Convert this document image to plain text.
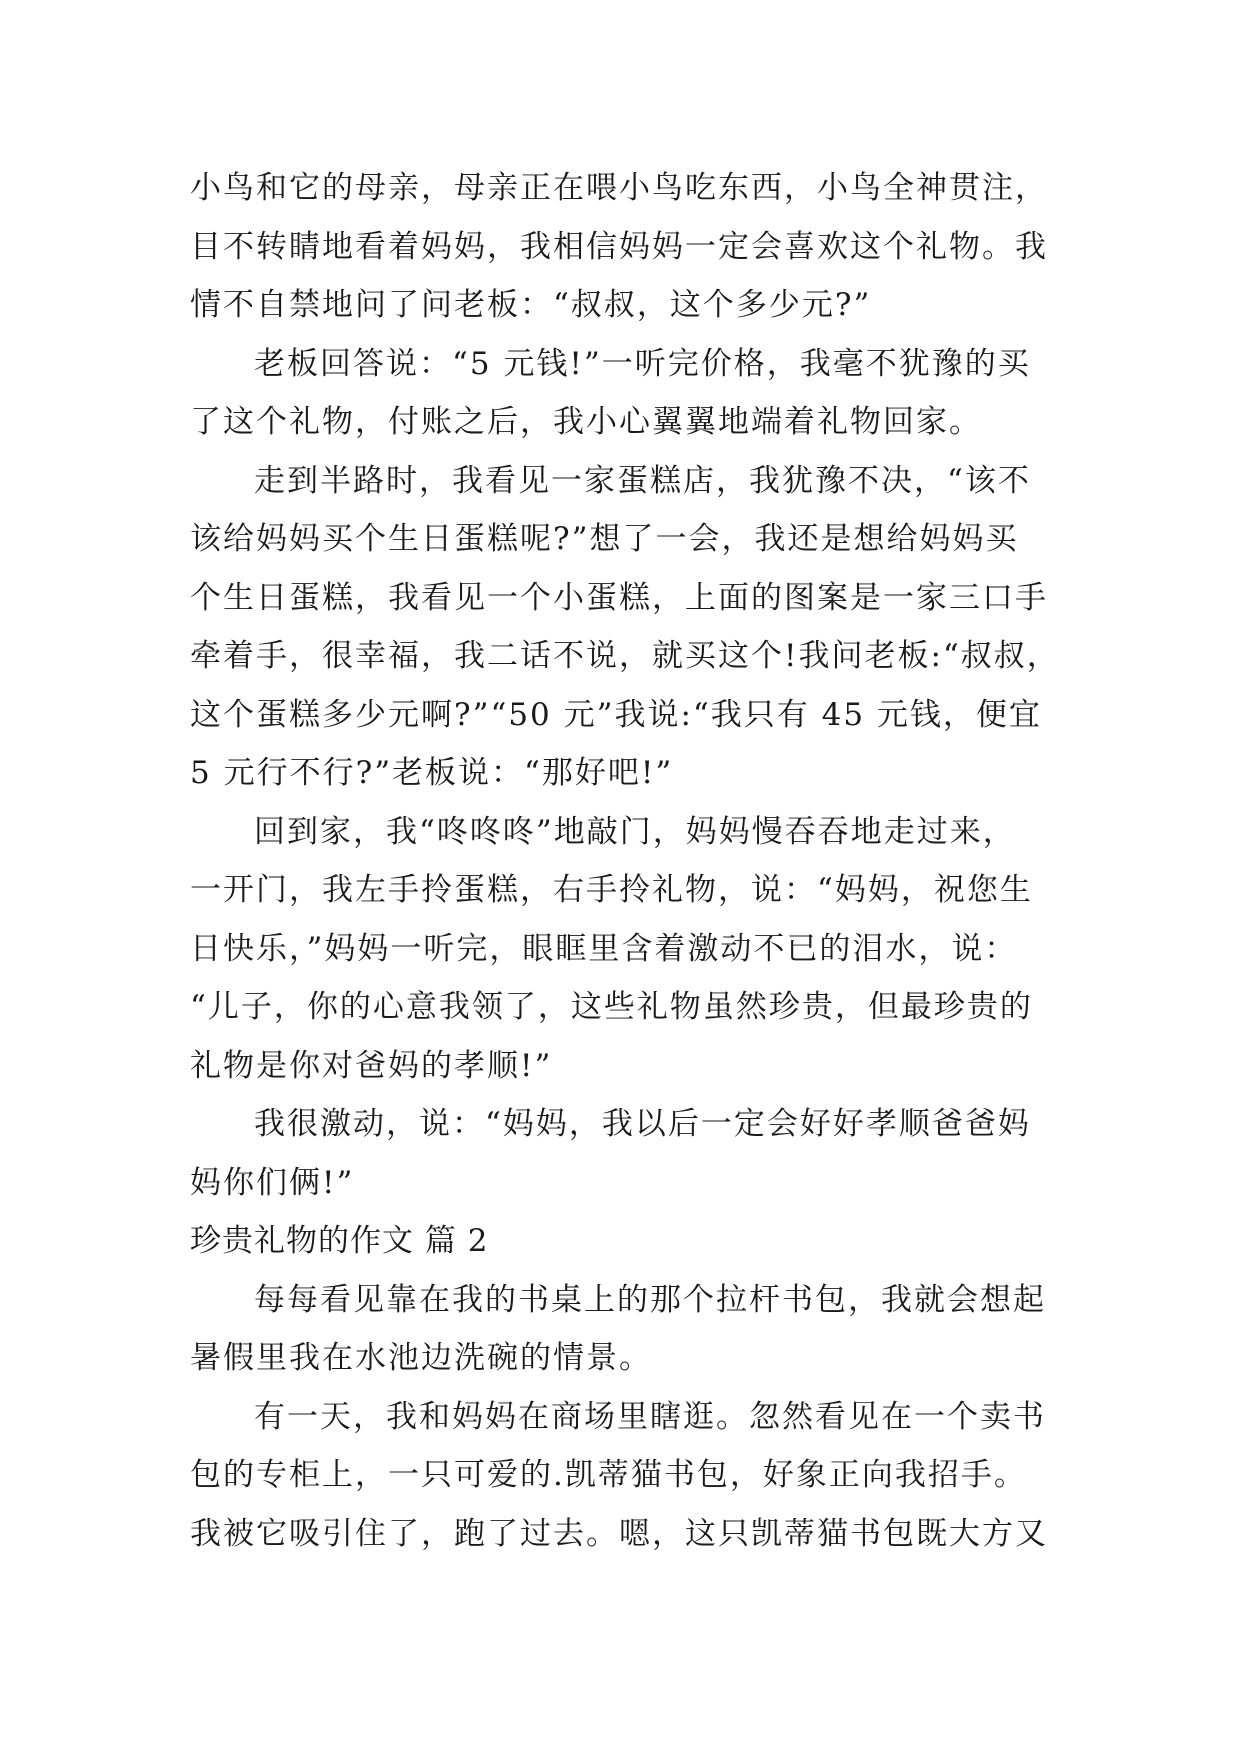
小鸟和它的母亲，母亲正在喂小鸟吃东西，小鸟全神贯注，
目不转睛地看着妈妈，我相信妈妈一定会喜欢这个礼物。我
情不自禁地问了问老板：“叔叔，这个多少元?”
老板回答说：“5 元钱!”一听完价格，我毫不犹豫的买
了这个礼物，付账之后，我小心翼翼地端着礼物回家。
走到半路时，我看见一家蛋糕店，我犹豫不决，“该不
该给妈妈买个生日蛋糕呢?”想了一会，我还是想给妈妈买
个生日蛋糕，我看见一个小蛋糕，上面的图案是一家三口手
牵着手，很幸福，我二话不说，就买这个!我问老板:“叔叔，
这个蛋糕多少元啊?”“50 元”我说:“我只有 45 元钱，便宜
5 元行不行?”老板说：“那好吧!”
回到家，我“咚咚咚”地敲门，妈妈慢吞吞地走过来，
一开门，我左手拎蛋糕，右手拎礼物，说：“妈妈，祝您生
日快乐，”妈妈一听完，眼眶里含着激动不已的泪水，说：
“儿子，你的心意我领了，这些礼物虽然珍贵，但最珍贵的
礼物是你对爸妈的孝顺!”
我很激动，说：“妈妈，我以后一定会好好孝顺爸爸妈
妈你们俩!”
珍贵礼物的作文 篇 2
每每看见靠在我的书桌上的那个拉杆书包，我就会想起
暑假里我在水池边洗碗的情景。
有一天，我和妈妈在商场里瞎逛。忽然看见在一个卖书
包的专柜上，一只可爱的.凯蒂猫书包，好象正向我招手。
我被它吸引住了，跑了过去。嗯，这只凯蒂猫书包既大方又
